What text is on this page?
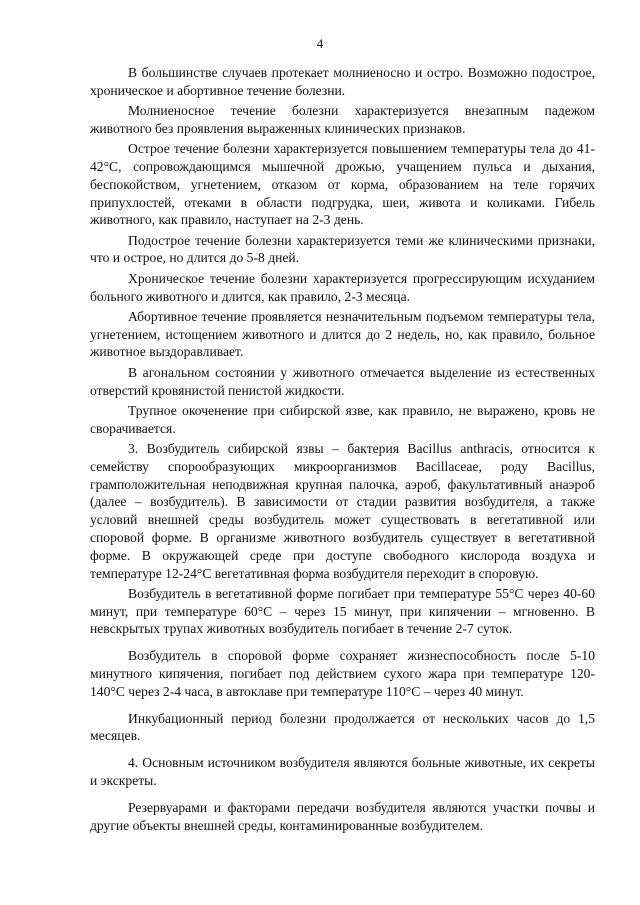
4

В большинстве случаев протекает молниеносно и остро. Возможно подострое, хроническое и абортивное течение болезни.

Молниеносное течение болезни характеризуется внезапным падежом животного без проявления выраженных клинических признаков.

Острое течение болезни характеризуется повышением температуры тела до 41-42°С, сопровождающимся мышечной дрожью, учащением пульса и дыхания, беспокойством, угнетением, отказом от корма, образованием на теле горячих припухлостей, отеками в области подгрудка, шеи, живота и коликами. Гибель животного, как правило, наступает на 2-3 день.

Подострое течение болезни характеризуется теми же клиническими признаки, что и острое, но длится до 5-8 дней.

Хроническое течение болезни характеризуется прогрессирующим исхуданием больного животного и длится, как правило, 2-3 месяца.

Абортивное течение проявляется незначительным подъемом температуры тела, угнетением, истощением животного и длится до 2 недель, но, как правило, больное животное выздоравливает.

В агональном состоянии у животного отмечается выделение из естественных отверстий кровянистой пенистой жидкости.

Трупное окоченение при сибирской язве, как правило, не выражено, кровь не сворачивается.

3. Возбудитель сибирской язвы – бактерия Bacillus anthracis, относится к семейству спорообразующих микроорганизмов Bacillaceae, роду Bacillus, грамположительная неподвижная крупная палочка, аэроб, факультативный анаэроб (далее – возбудитель). В зависимости от стадии развития возбудителя, а также условий внешней среды возбудитель может существовать в вегетативной или споровой форме. В организме животного возбудитель существует в вегетативной форме. В окружающей среде при доступе свободного кислорода воздуха и температуре 12-24°С вегетативная форма возбудителя переходит в споровую.

Возбудитель в вегетативной форме погибает при температуре 55°С через 40-60 минут, при температуре 60°С – через 15 минут, при кипячении – мгновенно. В невскрытых трупах животных возбудитель погибает в течение 2-7 суток.

Возбудитель в споровой форме сохраняет жизнеспособность после 5-10 минутного кипячения, погибает под действием сухого жара при температуре 120-140°С через 2-4 часа, в автоклаве при температуре 110°С – через 40 минут.

Инкубационный период болезни продолжается от нескольких часов до 1,5 месяцев.

4. Основным источником возбудителя являются больные животные, их секреты и экскреты.

Резервуарами и факторами передачи возбудителя являются участки почвы и другие объекты внешней среды, контаминированные возбудителем.
